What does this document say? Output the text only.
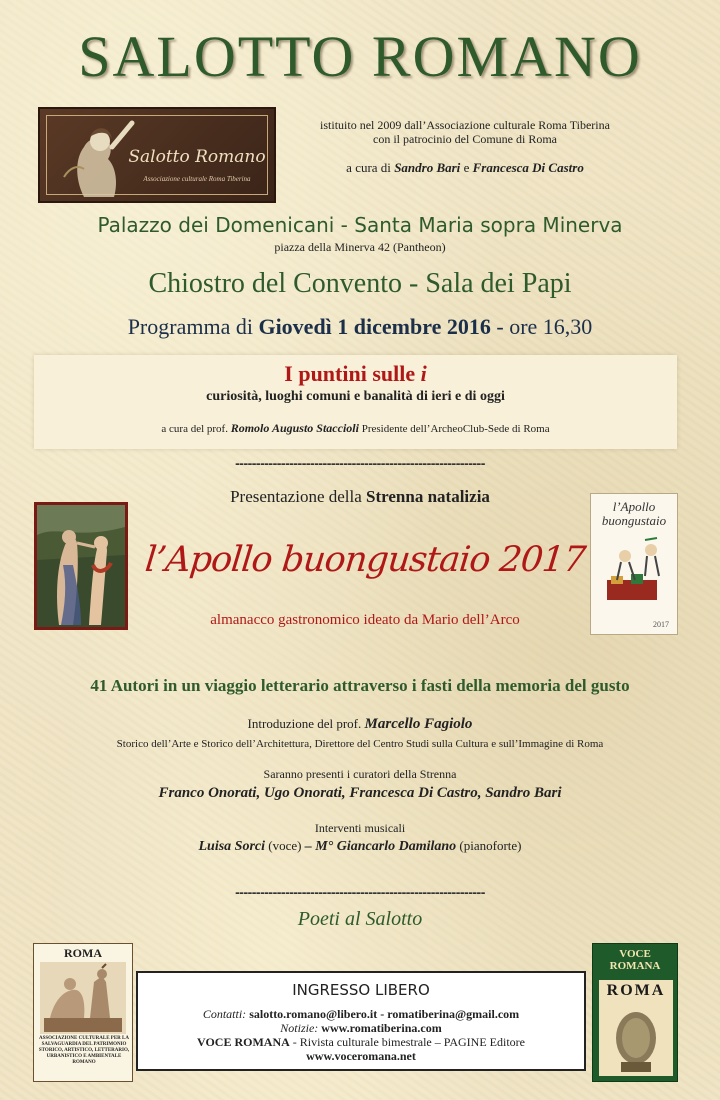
SALOTTO ROMANO
Salotto Romano
Associazione culturale Roma Tiberina
istituito nel 2009 dall’Associazione culturale Roma Tiberina
con il patrocinio del Comune di Roma
a cura di Sandro Bari e Francesca Di Castro
Palazzo dei Domenicani - Santa Maria sopra Minerva
piazza della Minerva 42 (Pantheon)
Chiostro del Convento - Sala dei Papi
Programma di Giovedì 1 dicembre 2016 - ore 16,30
I puntini sulle i
curiosità, luoghi comuni e banalità di ieri e di oggi
a cura del prof. Romolo Augusto Staccioli Presidente dell’ArcheoClub-Sede di Roma
------------------------------------------------------------
Presentazione della Strenna natalizia
l’Apollo buongustaio 2017
almanacco gastronomico ideato da Mario dell’Arco
l’Apollo buongustaio
2017
41 Autori in un viaggio letterario attraverso i fasti della memoria del gusto
Introduzione del prof. Marcello Fagiolo
Storico dell’Arte e Storico dell’Architettura, Direttore del Centro Studi sulla Cultura e sull’Immagine di Roma
Saranno presenti i curatori della Strenna
Franco Onorati, Ugo Onorati, Francesca Di Castro, Sandro Bari
Interventi musicali
Luisa Sorci (voce) – M° Giancarlo Damilano (pianoforte)
------------------------------------------------------------
Poeti al Salotto
ROMA
ASSOCIAZIONE CULTURALE PER LA SALVAGUARDIA DEL PATRIMONIO STORICO, ARTISTICO, LETTERARIO, URBANISTICO E AMBIENTALE ROMANO
INGRESSO LIBERO
Contatti: salotto.romano@libero.it - romatiberina@gmail.com
Notizie: www.romatiberina.com
VOCE ROMANA - Rivista culturale bimestrale – PAGINE Editore
www.voceromana.net
VOCE ROMANA
ROMA
